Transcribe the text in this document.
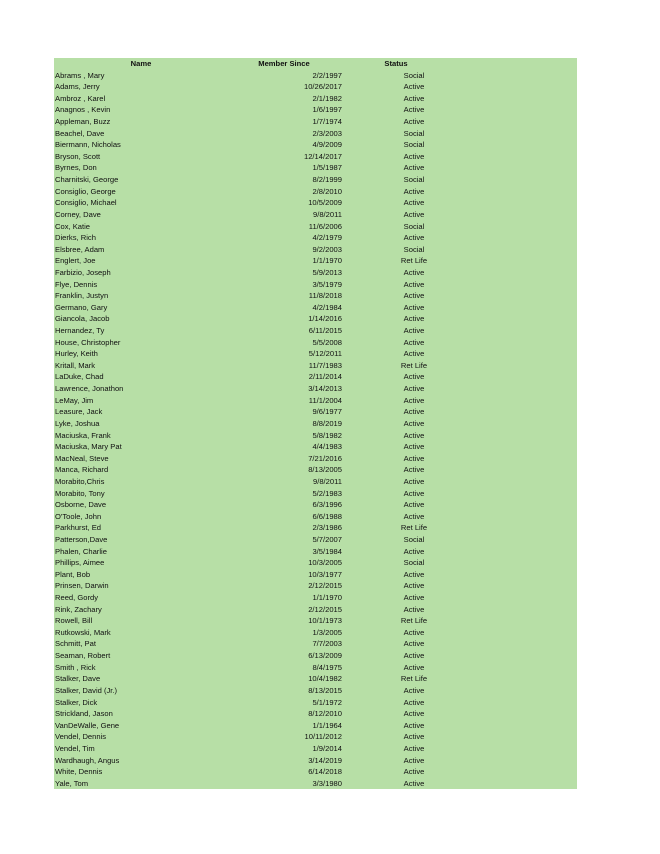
Name	Member Since	Status
Abrams , Mary	2/2/1997	Social
Adams, Jerry	10/26/2017	Active
Ambroz , Karel	2/1/1982	Active
Anagnos , Kevin	1/6/1997	Active
Appleman, Buzz	1/7/1974	Active
Beachel, Dave	2/3/2003	Social
Biermann, Nicholas	4/9/2009	Social
Bryson, Scott	12/14/2017	Active
Byrnes, Don	1/5/1987	Active
Charnitski, George	8/2/1999	Social
Consiglio, George	2/8/2010	Active
Consiglio, Michael	10/5/2009	Active
Corney, Dave	9/8/2011	Active
Cox, Katie	11/6/2006	Social
Dierks, Rich	4/2/1979	Active
Elsbree, Adam	9/2/2003	Social
Englert, Joe	1/1/1970	Ret Life
Farbizio, Joseph	5/9/2013	Active
Flye, Dennis	3/5/1979	Active
Franklin, Justyn	11/8/2018	Active
Germano, Gary	4/2/1984	Active
Giancola, Jacob	1/14/2016	Active
Hernandez, Ty	6/11/2015	Active
House, Christopher	5/5/2008	Active
Hurley, Keith	5/12/2011	Active
Kritall, Mark	11/7/1983	Ret Life
LaDuke, Chad	2/11/2014	Active
Lawrence, Jonathon	3/14/2013	Active
LeMay, Jim	11/1/2004	Active
Leasure, Jack	9/6/1977	Active
Lyke, Joshua	8/8/2019	Active
Maciuska, Frank	5/8/1982	Active
Maciuska, Mary Pat	4/4/1983	Active
MacNeal, Steve	7/21/2016	Active
Manca, Richard	8/13/2005	Active
Morabito,Chris	9/8/2011	Active
Morabito, Tony	5/2/1983	Active
Osborne, Dave	6/3/1996	Active
O'Toole, John	6/6/1988	Active
Parkhurst, Ed	2/3/1986	Ret Life
Patterson,Dave	5/7/2007	Social
Phalen, Charlie	3/5/1984	Active
Phillips, Aimee	10/3/2005	Social
Plant, Bob	10/3/1977	Active
Prinsen, Darwin	2/12/2015	Active
Reed, Gordy	1/1/1970	Active
Rink, Zachary	2/12/2015	Active
Rowell, Bill	10/1/1973	Ret Life
Rutkowski, Mark	1/3/2005	Active
Schmitt, Pat	7/7/2003	Active
Seaman, Robert	6/13/2009	Active
Smith , Rick	8/4/1975	Active
Stalker, Dave	10/4/1982	Ret Life
Stalker, David (Jr.)	8/13/2015	Active
Stalker, Dick	5/1/1972	Active
Strickland, Jason	8/12/2010	Active
VanDeWalle, Gene	1/1/1964	Active
Vendel, Dennis	10/11/2012	Active
Vendel, Tim	1/9/2014	Active
Wardhaugh, Angus	3/14/2019	Active
White, Dennis	6/14/2018	Active
Yale, Tom	3/3/1980	Active
